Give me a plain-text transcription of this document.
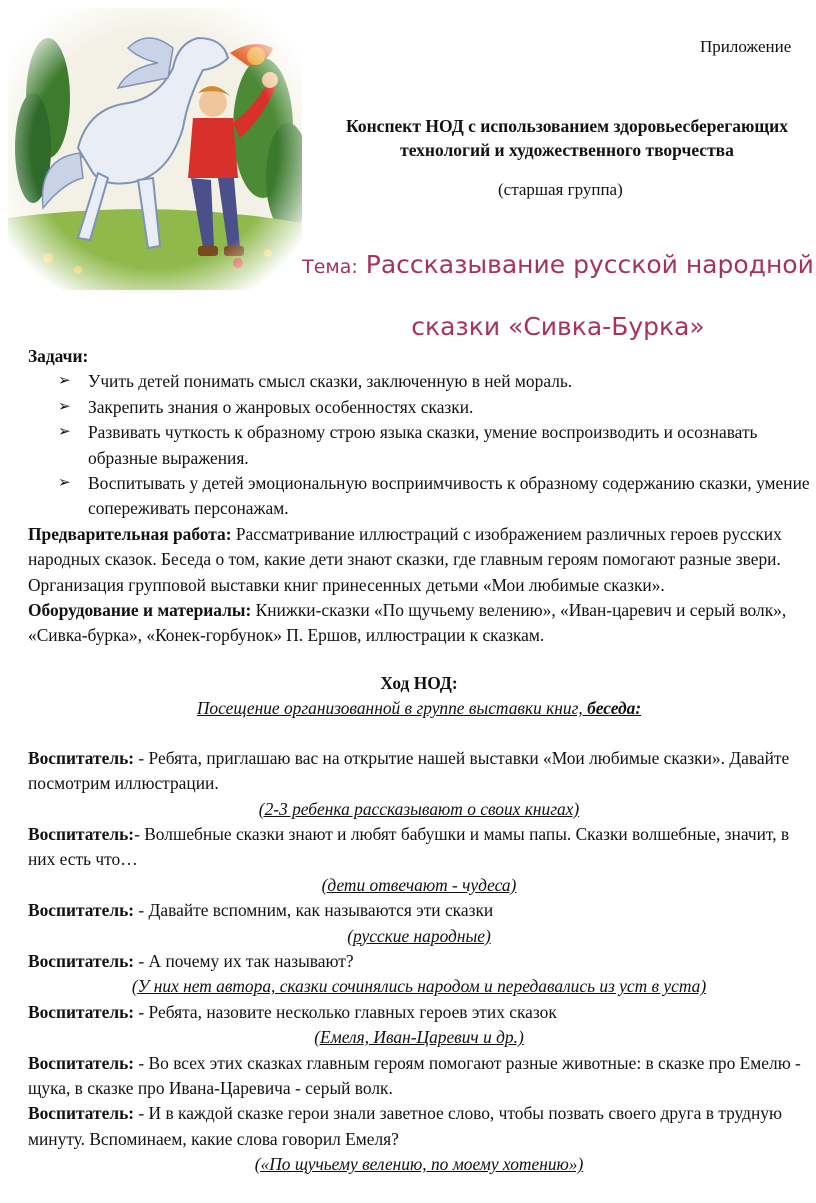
Приложение
Конспект НОД с использованием здоровьесберегающих технологий и художественного творчества
(старшая группа)
Тема: Рассказывание русской народной
сказки «Сивка-Бурка»

Задачи:

➢ Учить детей понимать смысл сказки, заключенную в ней мораль.
➢ Закрепить знания о жанровых особенностях сказки.
➢ Развивать чуткость к образному строю языка сказки, умение воспроизводить и осознавать образные выражения.
➢ Воспитывать у детей эмоциональную восприимчивость к образному содержанию сказки, умение сопереживать персонажам.

Предварительная работа: Рассматривание иллюстраций с изображением различных героев русских народных сказок. Беседа о том, какие дети знают сказки, где главным героям помогают разные звери. Организация групповой выставки книг принесенных детьми «Мои любимые сказки».

Оборудование и материалы: Книжки-сказки «По щучьему велению», «Иван-царевич и серый волк», «Сивка-бурка», «Конек-горбунок» П. Ершов, иллюстрации к сказкам.

Ход НОД:

Посещение организованной в группе выставки книг, беседа:

Воспитатель: - Ребята, приглашаю вас на открытие нашей выставки «Мои любимые сказки». Давайте посмотрим иллюстрации.

(2-3 ребенка рассказывают о своих книгах)

Воспитатель:- Волшебные сказки знают и любят бабушки и мамы папы. Сказки волшебные, значит, в них есть что…

(дети отвечают - чудеса)

Воспитатель: - Давайте вспомним, как называются эти сказки

(русские народные)

Воспитатель: - А почему их так называют?

(У них нет автора, сказки сочинялись народом и передавались из уст в уста)

Воспитатель: - Ребята, назовите несколько главных героев этих сказок

(Емеля, Иван-Царевич и др.)

Воспитатель: - Во всех этих сказках главным героям помогают разные животные: в сказке про Емелю - щука, в сказке про Ивана-Царевича - серый волк.

Воспитатель: - И в каждой сказке герои знали заветное слово, чтобы позвать своего друга в трудную минуту. Вспоминаем, какие слова говорил Емеля?

(«По щучьему велению, по моему хотению»)
